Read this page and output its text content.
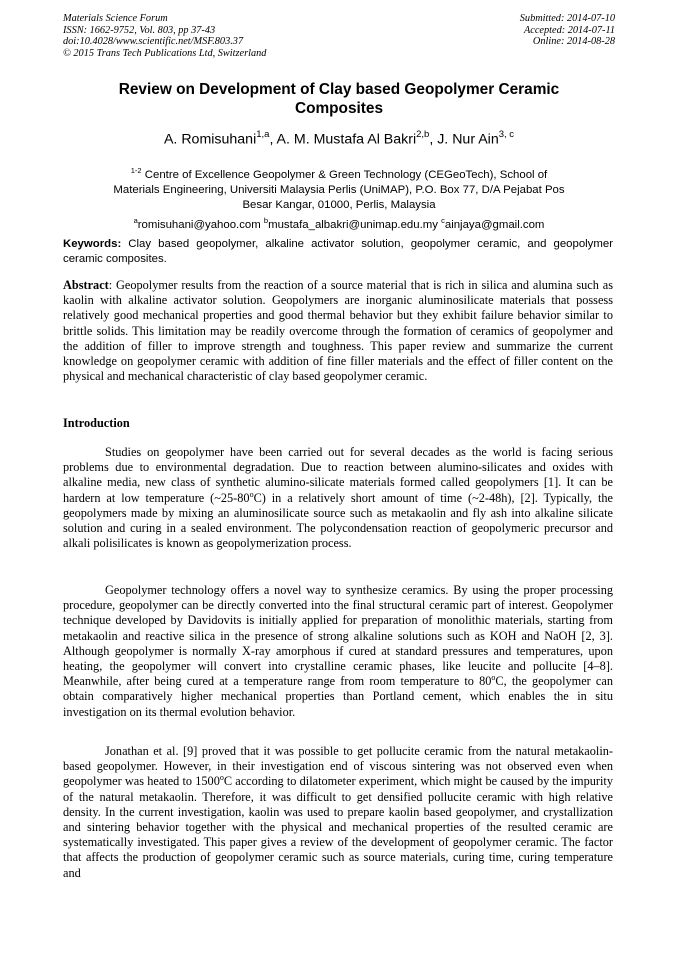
Materials Science Forum
ISSN: 1662-9752, Vol. 803, pp 37-43
doi:10.4028/www.scientific.net/MSF.803.37
© 2015 Trans Tech Publications Ltd, Switzerland
Submitted: 2014-07-10
Accepted: 2014-07-11
Online: 2014-08-28
Review on Development of Clay based Geopolymer Ceramic
Composites
A. Romisuhani$^{1,a}$, A. M. Mustafa Al Bakri$^{2,b}$, J. Nur Ain$^{3, c}$
$^{1-2}$ Centre of Excellence Geopolymer & Green Technology (CEGeoTech), School of
Materials Engineering, Universiti Malaysia Perlis (UniMAP), P.O. Box 77, D/A Pejabat Pos
Besar Kangar, 01000, Perlis, Malaysia
$^a$romisuhani@yahoo.com $^b$mustafa_albakri@unimap.edu.my $^c$ainjaya@gmail.com
Keywords: Clay based geopolymer, alkaline activator solution, geopolymer ceramic, and geopolymer ceramic composites.
Abstract: Geopolymer results from the reaction of a source material that is rich in silica and alumina such as kaolin with alkaline activator solution. Geopolymers are inorganic aluminosilicate materials that possess relatively good mechanical properties and good thermal behavior but they exhibit failure behavior similar to brittle solids. This limitation may be readily overcome through the formation of ceramics of geopolymer and the addition of filler to improve strength and toughness. This paper review and summarize the current knowledge on geopolymer ceramic with addition of fine filler materials and the effect of filler content on the physical and mechanical characteristic of clay based geopolymer ceramic.
Introduction
Studies on geopolymer have been carried out for several decades as the world is facing serious problems due to environmental degradation. Due to reaction between alumino-silicates and oxides with alkaline media, new class of synthetic alumino-silicate materials formed called geopolymers [1]. It can be hardern at low temperature (~25-80$^o$C) in a relatively short amount of time (~2-48h), [2]. Typically, the geopolymers made by mixing an aluminosilicate source such as metakaolin and fly ash into alkaline silicate solution and curing in a sealed environment. The polycondensation reaction of geopolymeric precursor and alkali polisilicates is known as geopolymerization process.
Geopolymer technology offers a novel way to synthesize ceramics. By using the proper processing procedure, geopolymer can be directly converted into the final structural ceramic part of interest. Geopolymer technique developed by Davidovits is initially applied for preparation of monolithic materials, starting from metakaolin and reactive silica in the presence of strong alkaline solutions such as KOH and NaOH [2, 3]. Although geopolymer is normally X-ray amorphous if cured at standard pressures and temperatures, upon heating, the geopolymer will convert into crystalline ceramic phases, like leucite and pollucite [4–8]. Meanwhile, after being cured at a temperature range from room temperature to 80$^o$C, the geopolymer can obtain comparatively higher mechanical properties than Portland cement, which enables the in situ investigation on its thermal evolution behavior.
Jonathan et al. [9] proved that it was possible to get pollucite ceramic from the natural metakaolin-based geopolymer. However, in their investigation end of viscous sintering was not observed even when geopolymer was heated to 1500$^o$C according to dilatometer experiment, which might be caused by the impurity of the natural metakaolin. Therefore, it was difficult to get densified pollucite ceramic with high relative density. In the current investigation, kaolin was used to prepare kaolin based geopolymer, and crystallization and sintering behavior together with the physical and mechanical properties of the resulted ceramic are systematically investigated. This paper gives a review of the development of geopolymer ceramic. The factor that affects the production of geopolymer ceramic such as source materials, curing time, curing temperature and
